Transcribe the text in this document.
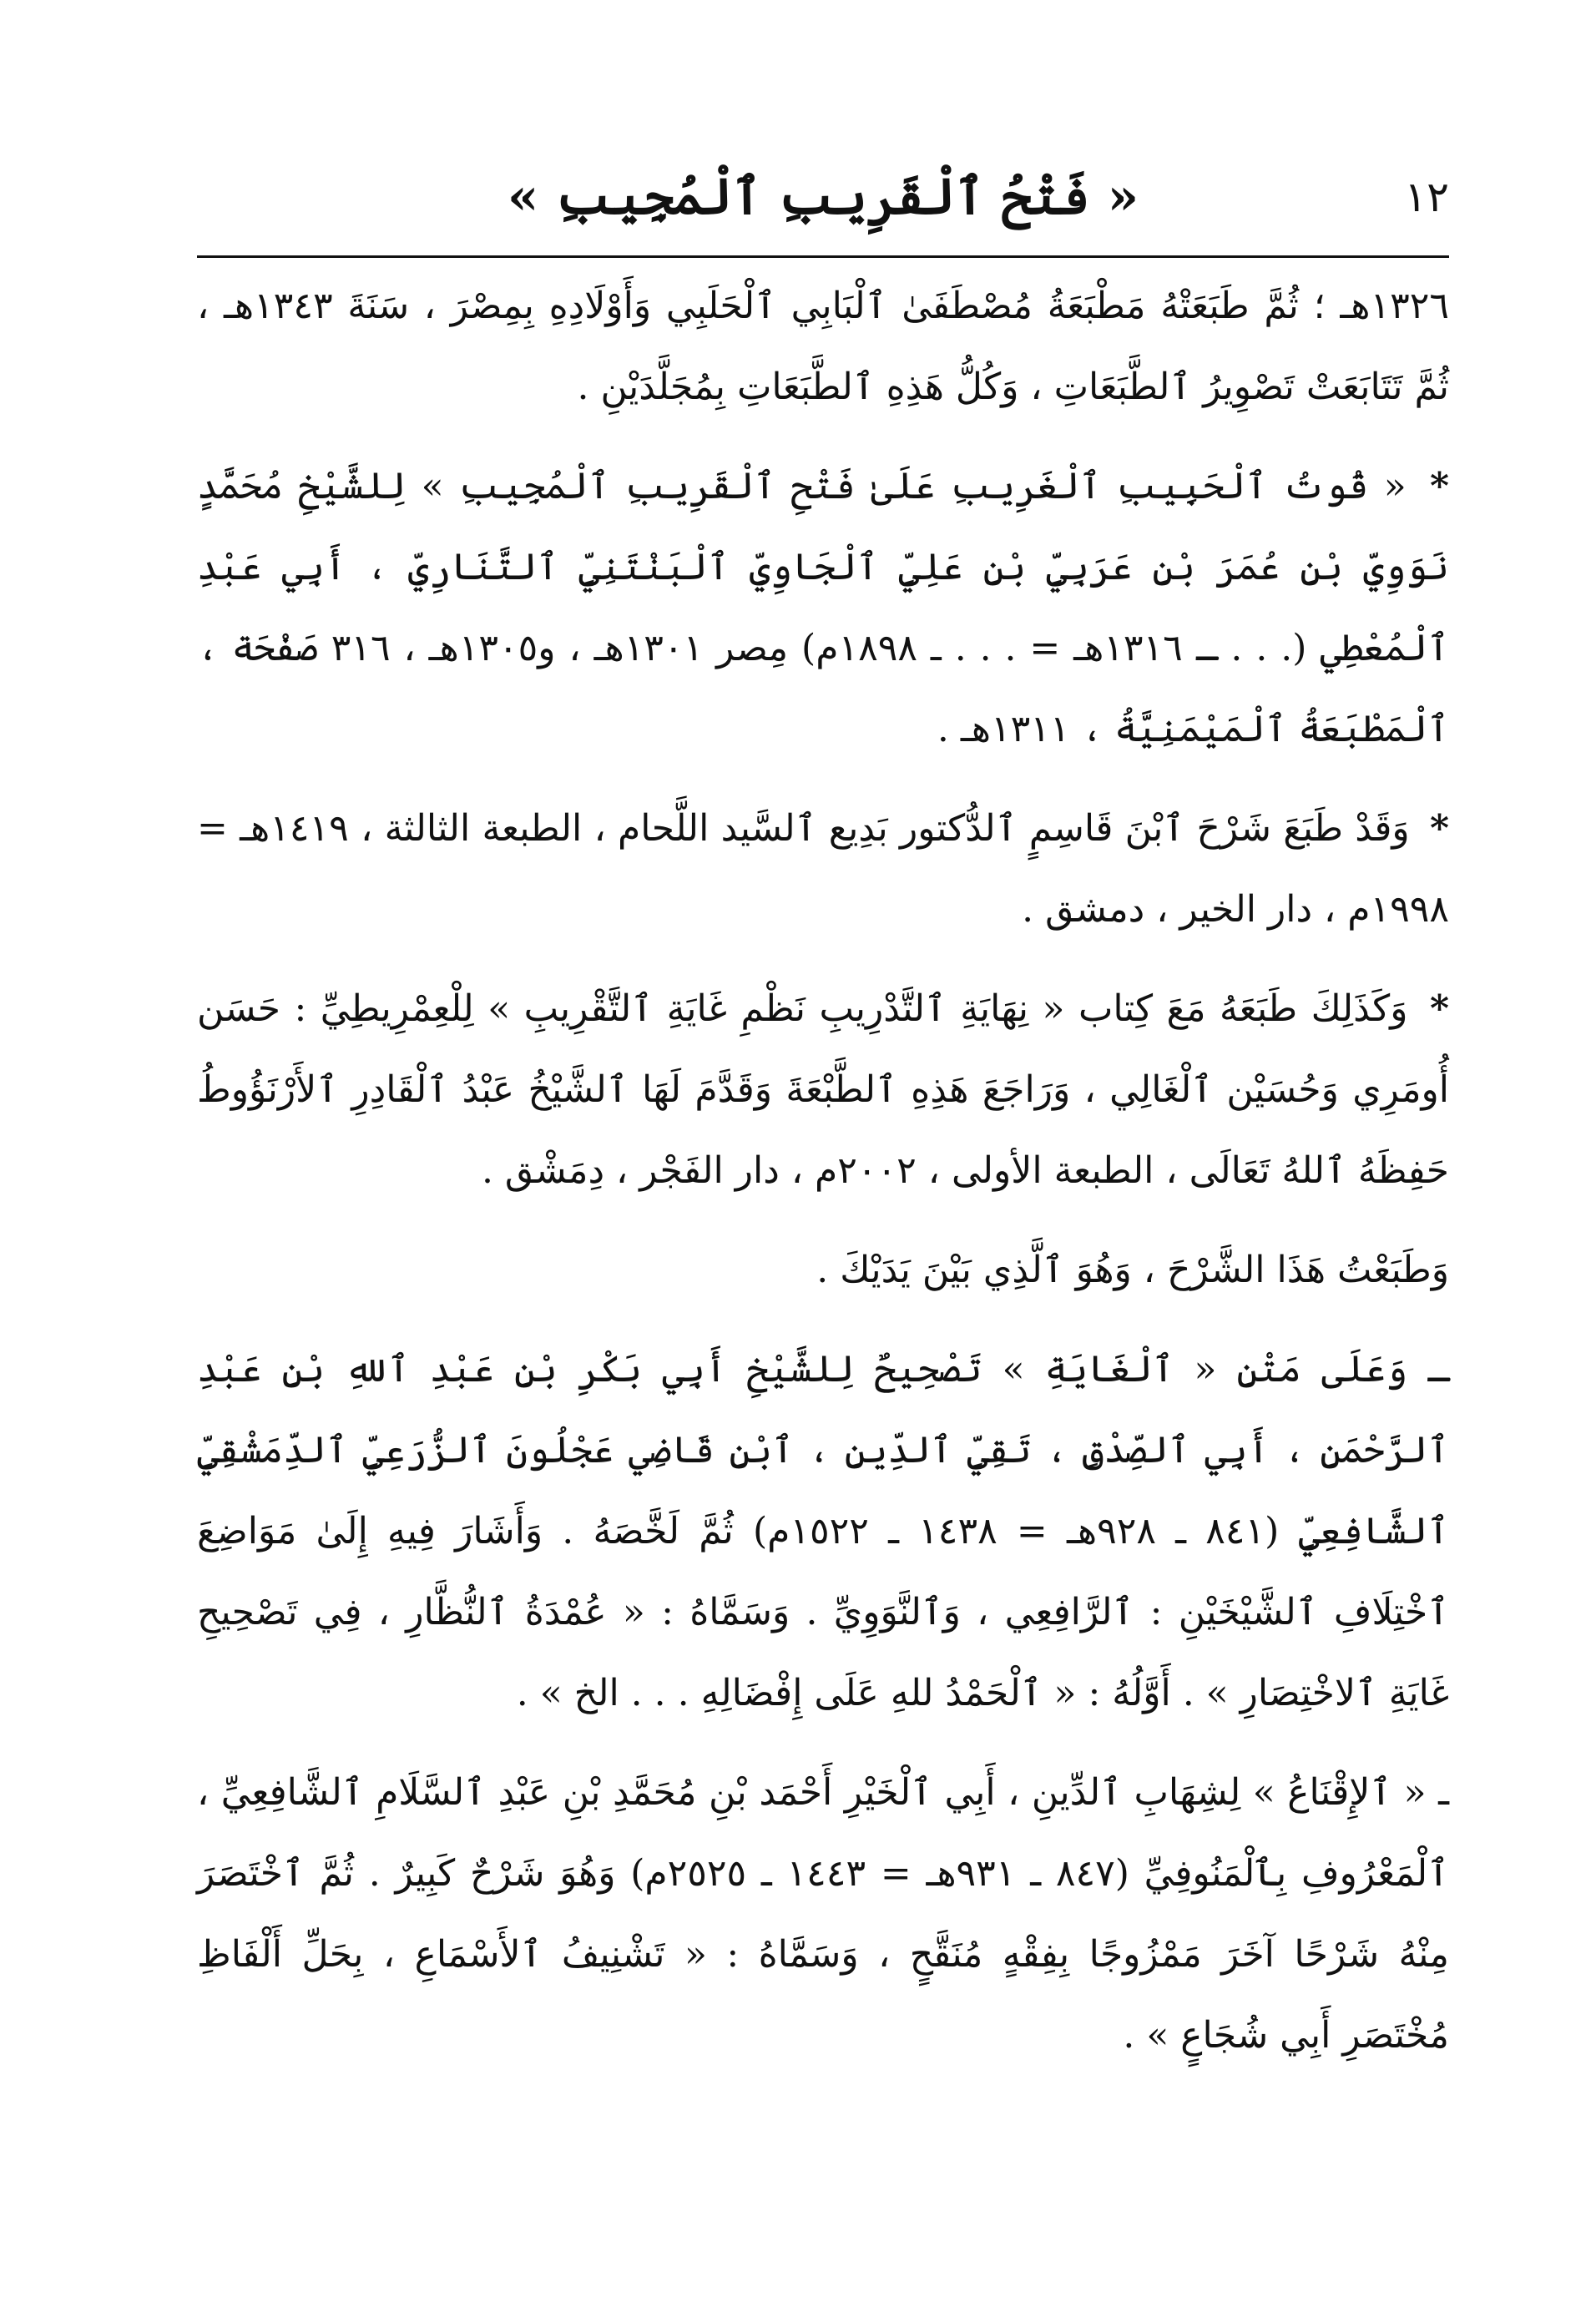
١٢
« فَتْحُ ٱلْقَرِيبِ ٱلْمُجِيبِ »

١٣٢٦هـ ؛ ثُمَّ طَبَعَتْهُ مَطْبَعَةُ مُصْطَفَىٰ ٱلْبَابِي ٱلْحَلَبِي وَأَوْلَادِهِ بِمِصْرَ ، سَنَةَ ١٣٤٣هـ ، ثُمَّ تَتَابَعَتْ تَصْوِيرُ ٱلطَّبَعَاتِ ، وَكُلُّ هَذِهِ ٱلطَّبَعَاتِ بِمُجَلَّدَيْنِ .

* « قُوتُ ٱلْحَبِيبِ ٱلْغَرِيبِ عَلَىٰ فَتْحِ ٱلْقَرِيبِ ٱلْمُجِيبِ » لِلشَّيْخِ مُحَمَّدٍ نَوَوِيِّ بْنِ عُمَرَ بْنِ عَرَبِيِّ بْنِ عَلِيِّ ٱلْجَاوِيِّ ٱلْبَنْتَنِيِّ ٱلتَّنَارِيِّ ، أَبِي عَبْدِ ٱلْمُعْطِي (. . . ـ ١٣١٦هـ = . . . ـ ١٨٩٨م) مِصر ١٣٠١هـ ، و١٣٠٥هـ ، ٣١٦ صَفْحَة ، ٱلْمَطْبَعَةُ ٱلْمَيْمَنِيَّةُ ، ١٣١١هـ .

* وَقَدْ طَبَعَ شَرْحَ ٱبْنَ قَاسِمٍ ٱلدُّكتور بَدِيع ٱلسَّيد اللَّحام ، الطبعة الثالثة ، ١٤١٩هـ = ١٩٩٨م ، دار الخير ، دمشق .

* وَكَذَلِكَ طَبَعَهُ مَعَ كِتاب « نِهَايَةِ ٱلتَّدْرِيبِ نَظْمِ غَايَةِ ٱلتَّقْرِيبِ » لِلْعِمْرِيطِيِّ : حَسَن أُومَرِي وَحُسَيْن ٱلْغَالِي ، وَرَاجَعَ هَذِهِ ٱلطَّبْعَةَ وَقَدَّمَ لَهَا ٱلشَّيْخُ عَبْدُ ٱلْقَادِرِ ٱلأَرْنَؤُوطُ حَفِظَهُ ٱللهُ تَعَالَى ، الطبعة الأولى ، ٢٠٠٢م ، دار الفَجْر ، دِمَشْق .

وَطَبَعْتُ هَذَا الشَّرْحَ ، وَهُوَ ٱلَّذِي بَيْنَ يَدَيْكَ .

ـ وَعَلَى مَتْنِ « ٱلْغَايَةِ » تَصْحِيحٌ لِلشَّيْخِ أَبِي بَكْرِ بْنِ عَبْدِ ٱللهِ بْنِ عَبْدِ ٱلرَّحْمَنِ ، أَبِي ٱلصِّدْقِ ، تَقِيِّ ٱلدِّينِ ، ٱبْنِ قَاضِي عَجْلُونَ ٱلزُّرَعِيِّ ٱلدِّمَشْقِيِّ ٱلشَّافِعِيِّ (٨٤١ ـ ٩٢٨هـ = ١٤٣٨ ـ ١٥٢٢م) ثُمَّ لَخَّصَهُ . وَأَشَارَ فِيهِ إِلَىٰ مَوَاضِعَ ٱخْتِلَافِ ٱلشَّيْخَيْنِ : ٱلرَّافِعِي ، وَٱلنَّوَوِيِّ . وَسَمَّاهُ : « عُمْدَةُ ٱلنُّظَّارِ ، فِي تَصْحِيحِ غَايَةِ ٱلاخْتِصَارِ » . أَوَّلُهُ : « ٱلْحَمْدُ للهِ عَلَى إِفْضَالِهِ . . . الخ » .

ـ « ٱلإِقْنَاعُ » لِشِهَابِ ٱلدِّينِ ، أَبِي ٱلْخَيْرِ أَحْمَد بْنِ مُحَمَّدِ بْنِ عَبْدِ ٱلسَّلَامِ ٱلشَّافِعِيِّ ، ٱلْمَعْرُوفِ بِٱلْمَنُوفِيِّ (٨٤٧ ـ ٩٣١هـ = ١٤٤٣ ـ ٢٥٢٥م) وَهُوَ شَرْحٌ كَبِيرٌ . ثُمَّ ٱخْتَصَرَ مِنْهُ شَرْحًا آخَرَ مَمْزُوجًا بِفِقْهٍ مُنَقَّحٍ ، وَسَمَّاهُ : « تَشْنِيفُ ٱلأَسْمَاعِ ، بِحَلِّ أَلْفَاظِ مُخْتَصَرِ أَبِي شُجَاعٍ » .
